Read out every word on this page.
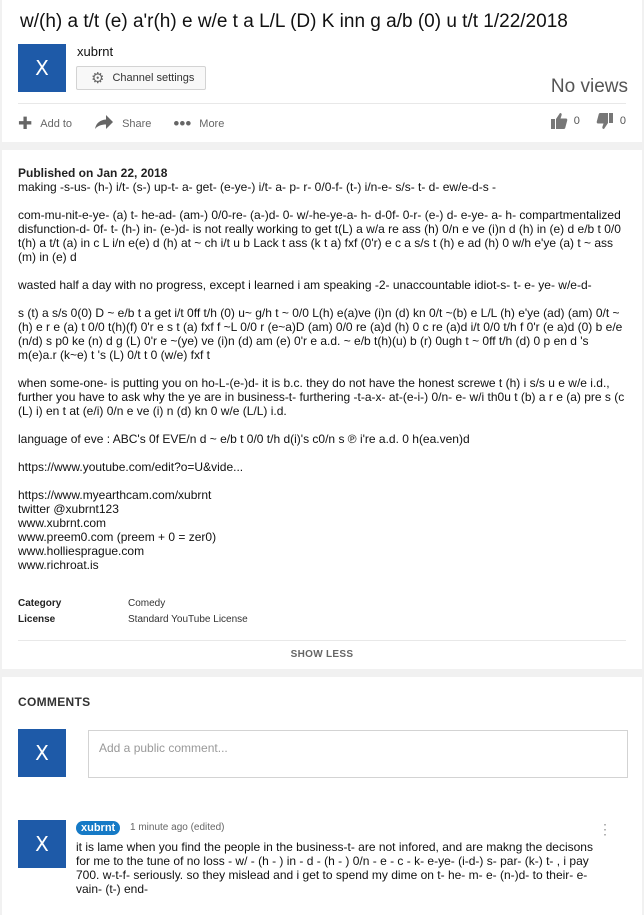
w/(h) a t/t (e) a'r(h) e w/e t a L/L (D) K inn g a/b (0) u t/t 1/22/2018
X
xubrnt
⚙ Channel settings	No views
✚ Add to	Share ••• More	0	0
Published on Jan 22, 2018

making -s-us- (h-) i/t- (s-) up-t- a- get- (e-ye-) i/t- a- p- r- 0/0-f- (t-) i/n-e- s/s- t- d- ew/e-d-s -

com-mu-nit-e-ye- (a) t- he-ad- (am-) 0/0-re- (a-)d- 0- w/-he-ye-a- h- d-0f- 0-r- (e-) d- e-ye- a- h- compartmentalized disfunction-d- 0f- t- (h-) in- (e-)d- is not really working to get t(L) a w/a re ass (h) 0/n e ve (i)n d (h) in (e) d e/b t 0/0 t(h) a t/t (a) in c L i/n e(e) d (h) at ~ ch i/t u b Lack t ass (k t a) fxf (0'r) e c a s/s t (h) e ad (h) 0 w/h e'ye (a) t ~ ass (m) in (e) d

wasted half a day with no progress, except i learned i am speaking -2- unaccountable idiot-s- t- e- ye- w/e-d-

s (t) a s/s 0(0) D ~ e/b t a get i/t 0ff t/h (0) u~ g/h t ~ 0/0 L(h) e(a)ve (i)n (d) kn 0/t ~(b) e L/L (h) e'ye (ad) (am) 0/t ~ (h) e r e (a) t 0/0 t(h)(f) 0'r e s t (a) fxf f ~L 0/0 r (e~a)D (am) 0/0 re (a)d (h) 0 c re (a)d i/t 0/0 t/h f 0'r (e a)d (0) b e/e (n/d) s p0 ke (n) d g (L) 0'r e ~(ye) ve (i)n (d) am (e) 0'r e a.d. ~ e/b t(h)(u) b (r) 0ugh t ~ 0ff t/h (d) 0 p en d 's m(e)a.r (k~e) t 's (L) 0/t t 0 (w/e) fxf t

when some-one- is putting you on ho-L-(e-)d- it is b.c. they do not have the honest screwe t (h) i s/s u e w/e i.d., further you have to ask why the ye are in business-t- furthering -t-a-x- at-(e-i-) 0/n- e- w/i th0u t (b) a r e (a) pre s (c (L) i) en t at (e/i) 0/n e ve (i) n (d) kn 0 w/e (L/L) i.d.

language of eve : ABC's 0f EVE/n d ~ e/b t 0/0 t/h d(i)'s c0/n s ℗ i're a.d. 0 h(ea.ven)d

https://www.youtube.com/edit?o=U&vide...

https://www.myearthcam.com/xubrnt

twitter @xubrnt123

www.xubrnt.com

www.preem0.com (preem + 0 = zer0)

www.holliesprague.com

www.richroat.is

Category	Comedy
License	Standard YouTube License
SHOW LESS
COMMENTS
X	Add a public comment...
X
xubrnt	1 minute ago (edited)	⋮
it is lame when you find the people in the business-t- are not infored, and are makng the decisons for me to the tune of no loss - w/ - (h - ) in - d - (h - ) 0/n - e - c - k- e-ye- (i-d-) s- par- (k-) t- , i pay 700. w-t-f- seriously. so they mislead and i get to spend my dime on t- he- m- e- (n-)d- to their- e- vain- (t-) end-
